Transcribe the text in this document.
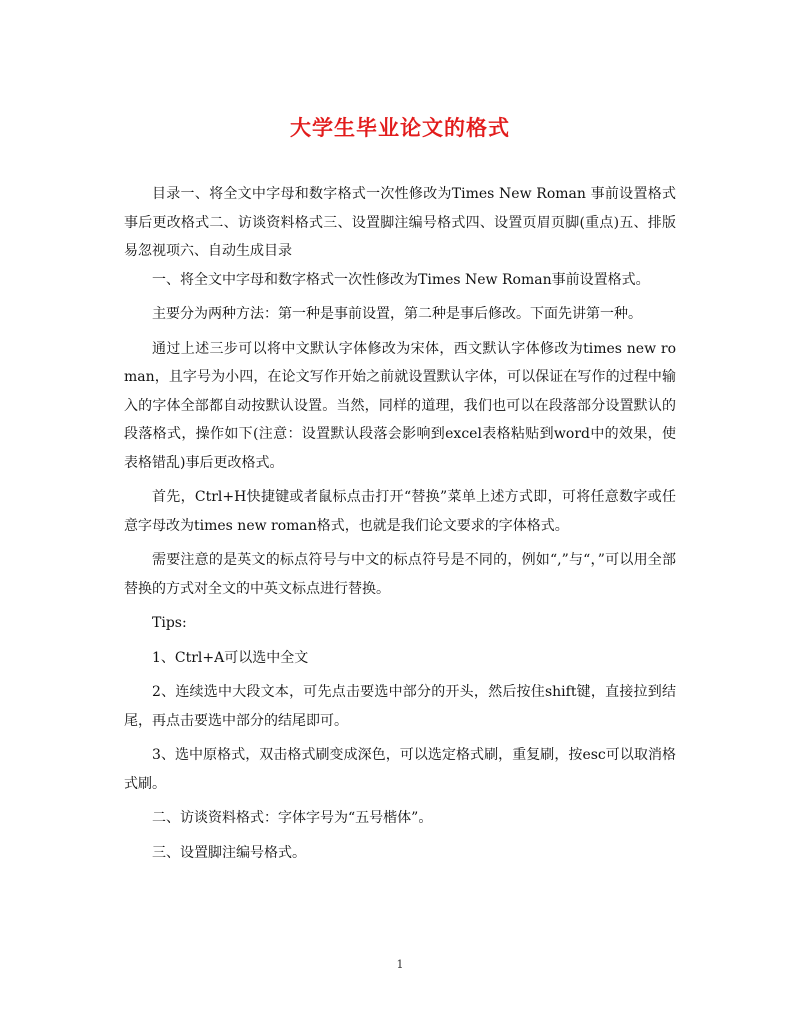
大学生毕业论文的格式

目录一、将全文中字母和数字格式一次性修改为Times New Roman 事前设置格式 事后更改格式二、访谈资料格式三、设置脚注编号格式四、设置页眉页脚(重点)五、排版易忽视项六、自动生成目录

一、将全文中字母和数字格式一次性修改为Times New Roman事前设置格式。

主要分为两种方法：第一种是事前设置，第二种是事后修改。下面先讲第一种。

通过上述三步可以将中文默认字体修改为宋体，西文默认字体修改为times new roman，且字号为小四，在论文写作开始之前就设置默认字体，可以保证在写作的过程中输入的字体全部都自动按默认设置。当然，同样的道理，我们也可以在段落部分设置默认的段落格式，操作如下(注意：设置默认段落会影响到excel表格粘贴到word中的效果，使表格错乱)事后更改格式。

首先，Ctrl+H快捷键或者鼠标点击打开“替换”菜单上述方式即，可将任意数字或任意字母改为times new roman格式，也就是我们论文要求的字体格式。

需要注意的是英文的标点符号与中文的标点符号是不同的，例如“,”与“，”可以用全部替换的方式对全文的中英文标点进行替换。

Tips:

1、Ctrl+A可以选中全文

2、连续选中大段文本，可先点击要选中部分的开头，然后按住shift键，直接拉到结尾，再点击要选中部分的结尾即可。

3、选中原格式，双击格式刷变成深色，可以选定格式刷，重复刷，按esc可以取消格式刷。

二、访谈资料格式：字体字号为“五号楷体”。

三、设置脚注编号格式。

1
